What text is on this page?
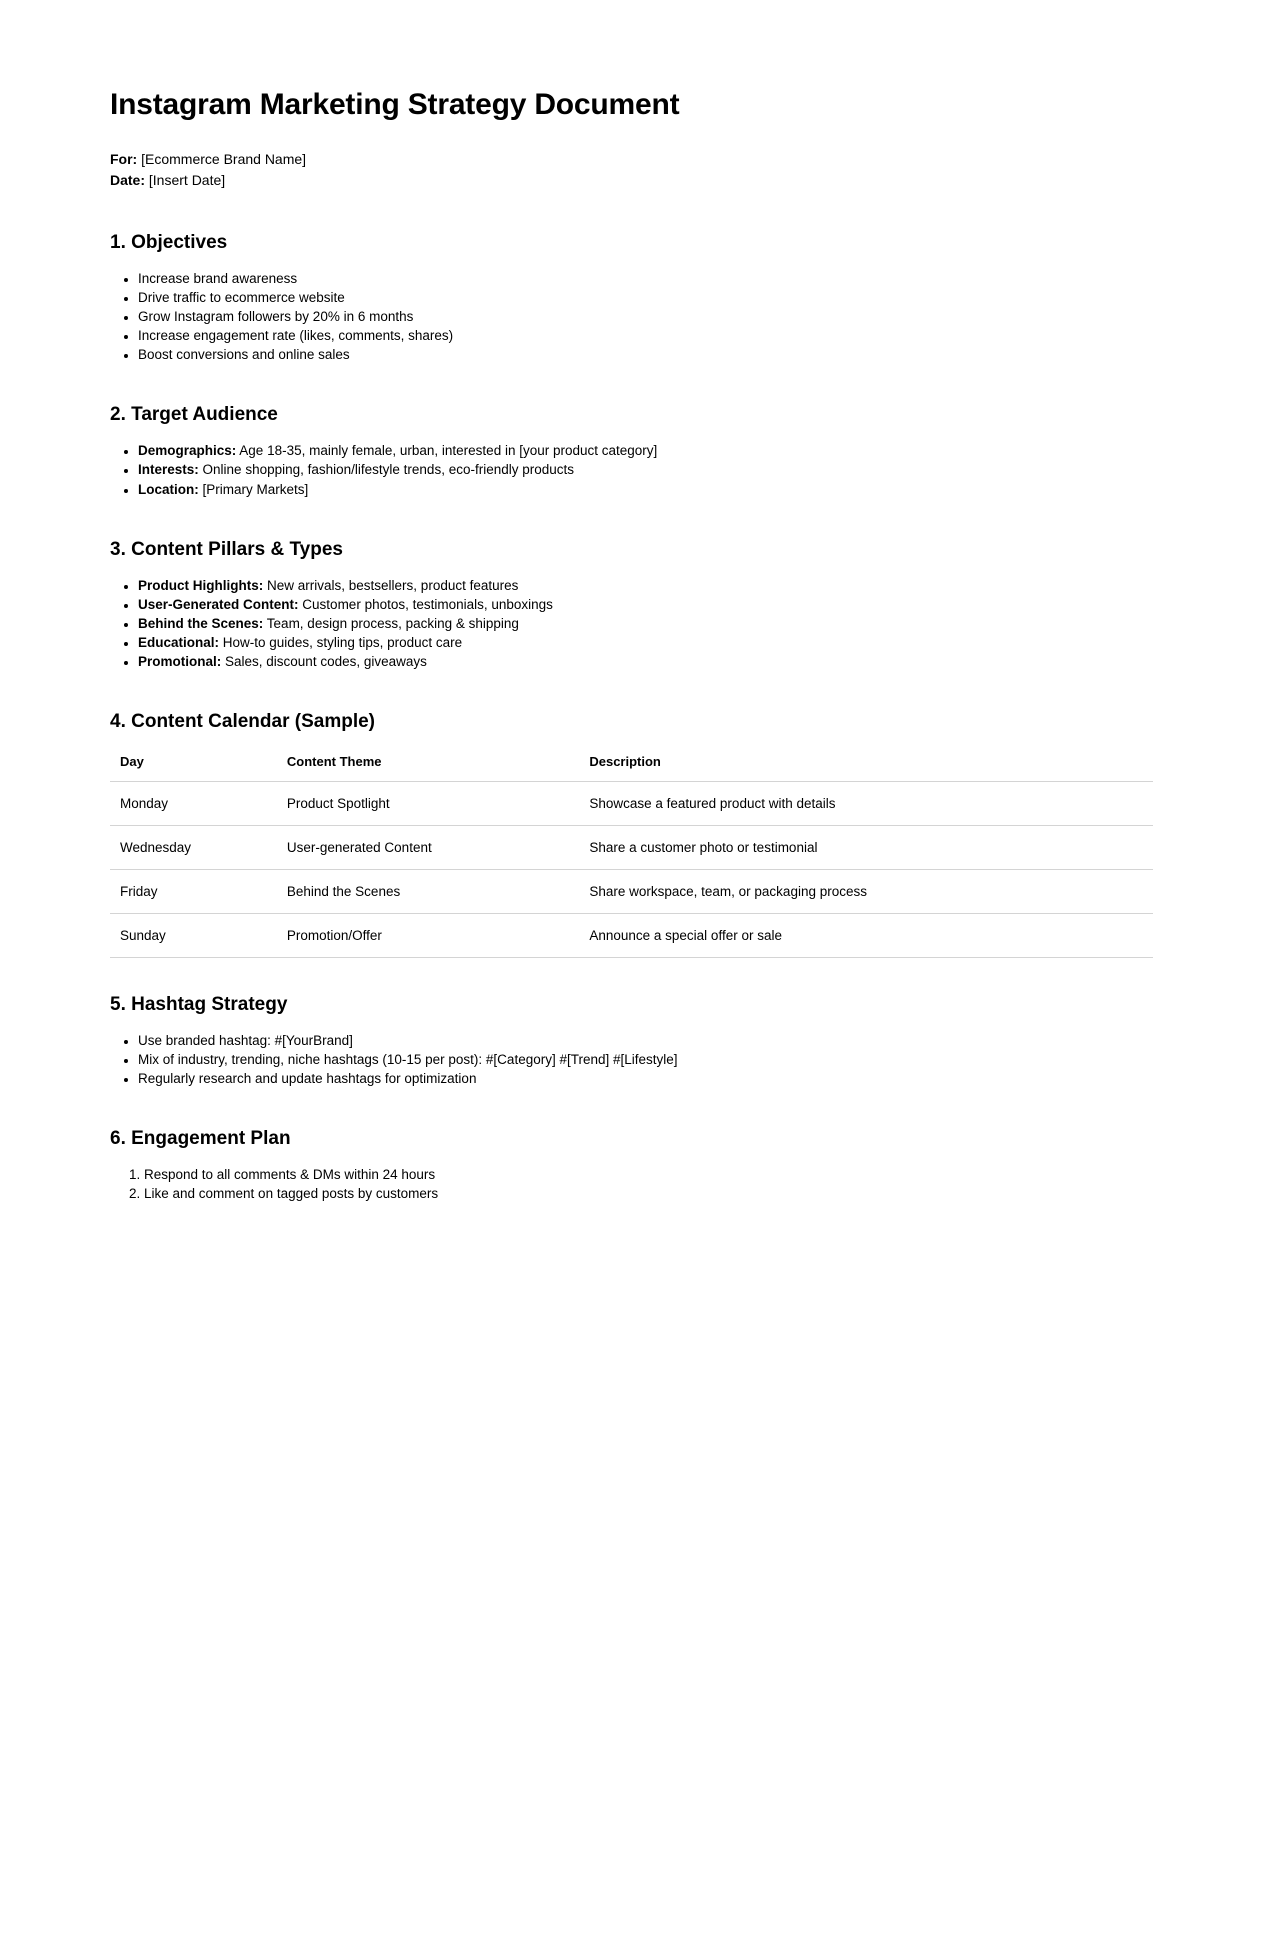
Instagram Marketing Strategy Document

For: [Ecommerce Brand Name]

Date: [Insert Date]

1. Objectives
• Increase brand awareness
• Drive traffic to ecommerce website
• Grow Instagram followers by 20% in 6 months
• Increase engagement rate (likes, comments, shares)
• Boost conversions and online sales
2. Target Audience
• Demographics: Age 18-35, mainly female, urban, interested in [your product category]
• Interests: Online shopping, fashion/lifestyle trends, eco-friendly products
• Location: [Primary Markets]
3. Content Pillars & Types
• Product Highlights: New arrivals, bestsellers, product features
• User-Generated Content: Customer photos, testimonials, unboxings
• Behind the Scenes: Team, design process, packing & shipping
• Educational: How-to guides, styling tips, product care
• Promotional: Sales, discount codes, giveaways
4. Content Calendar (Sample)
Day	Content Theme	Description
Monday	Product Spotlight	Showcase a featured product with details
Wednesday	User-generated Content	Share a customer photo or testimonial
Friday	Behind the Scenes	Share workspace, team, or packaging process
Sunday	Promotion/Offer	Announce a special offer or sale
5. Hashtag Strategy
• Use branded hashtag: #[YourBrand]
• Mix of industry, trending, niche hashtags (10-15 per post): #[Category] #[Trend] #[Lifestyle]
• Regularly research and update hashtags for optimization
6. Engagement Plan
1. Respond to all comments & DMs within 24 hours
2. Like and comment on tagged posts by customers
